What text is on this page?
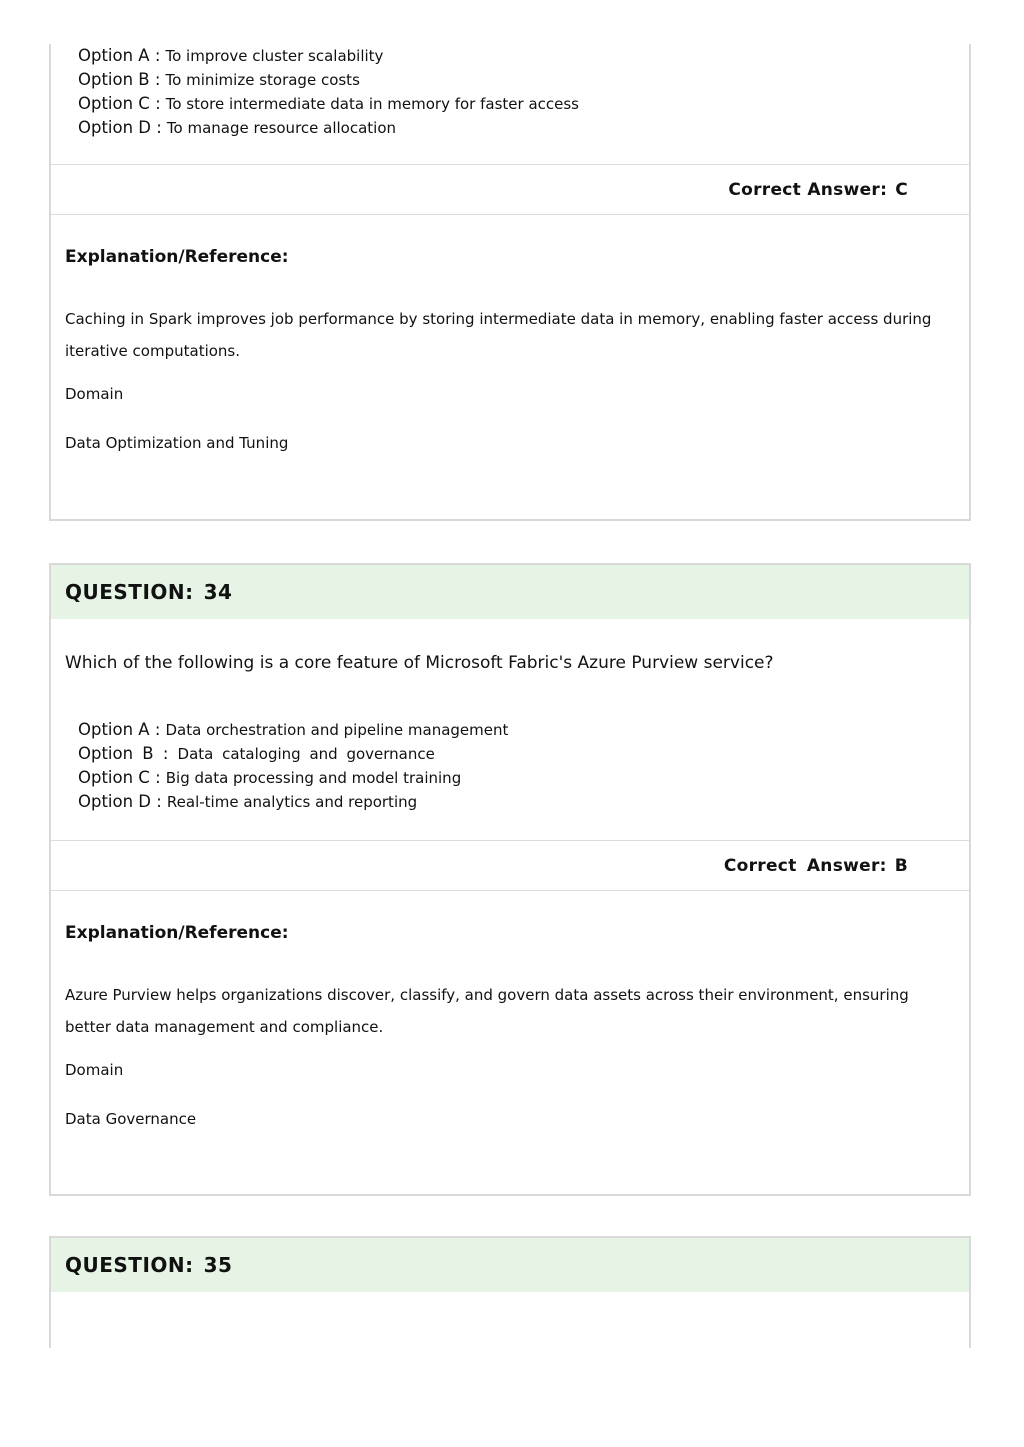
Option A : To improve cluster scalability
Option B : To minimize storage costs
Option C : To store intermediate data in memory for faster access
Option D : To manage resource allocation
Correct Answer: C
Explanation/Reference:
Caching in Spark improves job performance by storing intermediate data in memory, enabling faster access during iterative computations.
Domain
Data Optimization and Tuning
QUESTION: 34
Which of the following is a core feature of Microsoft Fabric's Azure Purview service?
Option A : Data orchestration and pipeline management
Option B : Data cataloging and governance
Option C : Big data processing and model training
Option D : Real-time analytics and reporting
Correct Answer: B
Explanation/Reference:
Azure Purview helps organizations discover, classify, and govern data assets across their environment, ensuring better data management and compliance.
Domain
Data Governance
QUESTION: 35
